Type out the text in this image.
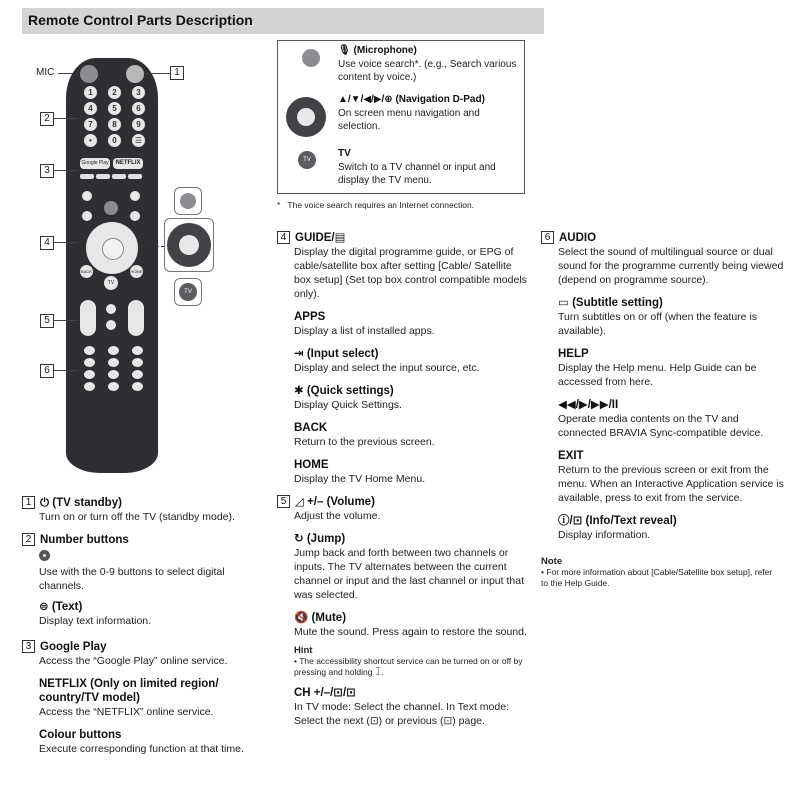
Remote Control Parts Description
MIC	1
1	2	3
4	5	6
7	8	9
•	0	☰
2
Google Play	NETFLIX
3
BACK	HOME
TV
4
TV
5
6
🎙 (Microphone)
Use voice search*. (e.g., Search various content by voice.)
▲/▼/◀/▶/⊕ (Navigation D-Pad)
On screen menu navigation and selection.
TV
TV
Switch to a TV channel or input and display the TV menu.
* The voice search requires an Internet connection.
1 ⏻ (TV standby)
Turn on or turn off the TV (standby mode).
2 Number buttons
Use with the 0-9 buttons to select digital channels.
⊜ (Text)
Display text information.
3 Google Play
Access the “Google Play” online service.
NETFLIX (Only on limited region/ country/TV model)
Access the “NETFLIX” online service.
Colour buttons
Execute corresponding function at that time.
4 GUIDE/▤
Display the digital programme guide, or EPG of cable/satellite box after setting [Cable/ Satellite box setup] (Set top box control compatible models only).
APPS
Display a list of installed apps.
⇥ (Input select)
Display and select the input source, etc.
✱ (Quick settings)
Display Quick Settings.
BACK
Return to the previous screen.
HOME
Display the TV Home Menu.
5 ◿ +/– (Volume)
Adjust the volume.
↻ (Jump)
Jump back and forth between two channels or inputs. The TV alternates between the current channel or input and the last channel or input that was selected.
🔇 (Mute)
Mute the sound. Press again to restore the sound.
Hint
• The accessibility shortcut service can be turned on or off by pressing and holding ꀤ.
CH +/–/⊡/⊡
In TV mode: Select the channel. In Text mode: Select the next (⊡) or previous (⊡) page.
6 AUDIO
Select the sound of multilingual source or dual sound for the programme currently being viewed (depend on programme source).
▭ (Subtitle setting)
Turn subtitles on or off (when the feature is available).
HELP
Display the Help menu. Help Guide can be accessed from here.
◀◀/▶/▶▶/II
Operate media contents on the TV and connected BRAVIA Sync-compatible device.
EXIT
Return to the previous screen or exit from the menu. When an Interactive Application service is available, press to exit from the service.
ⓘ/⊡ (Info/Text reveal)
Display information.
Note
• For more information about [Cable/Satellite box setup], refer to the Help Guide.
